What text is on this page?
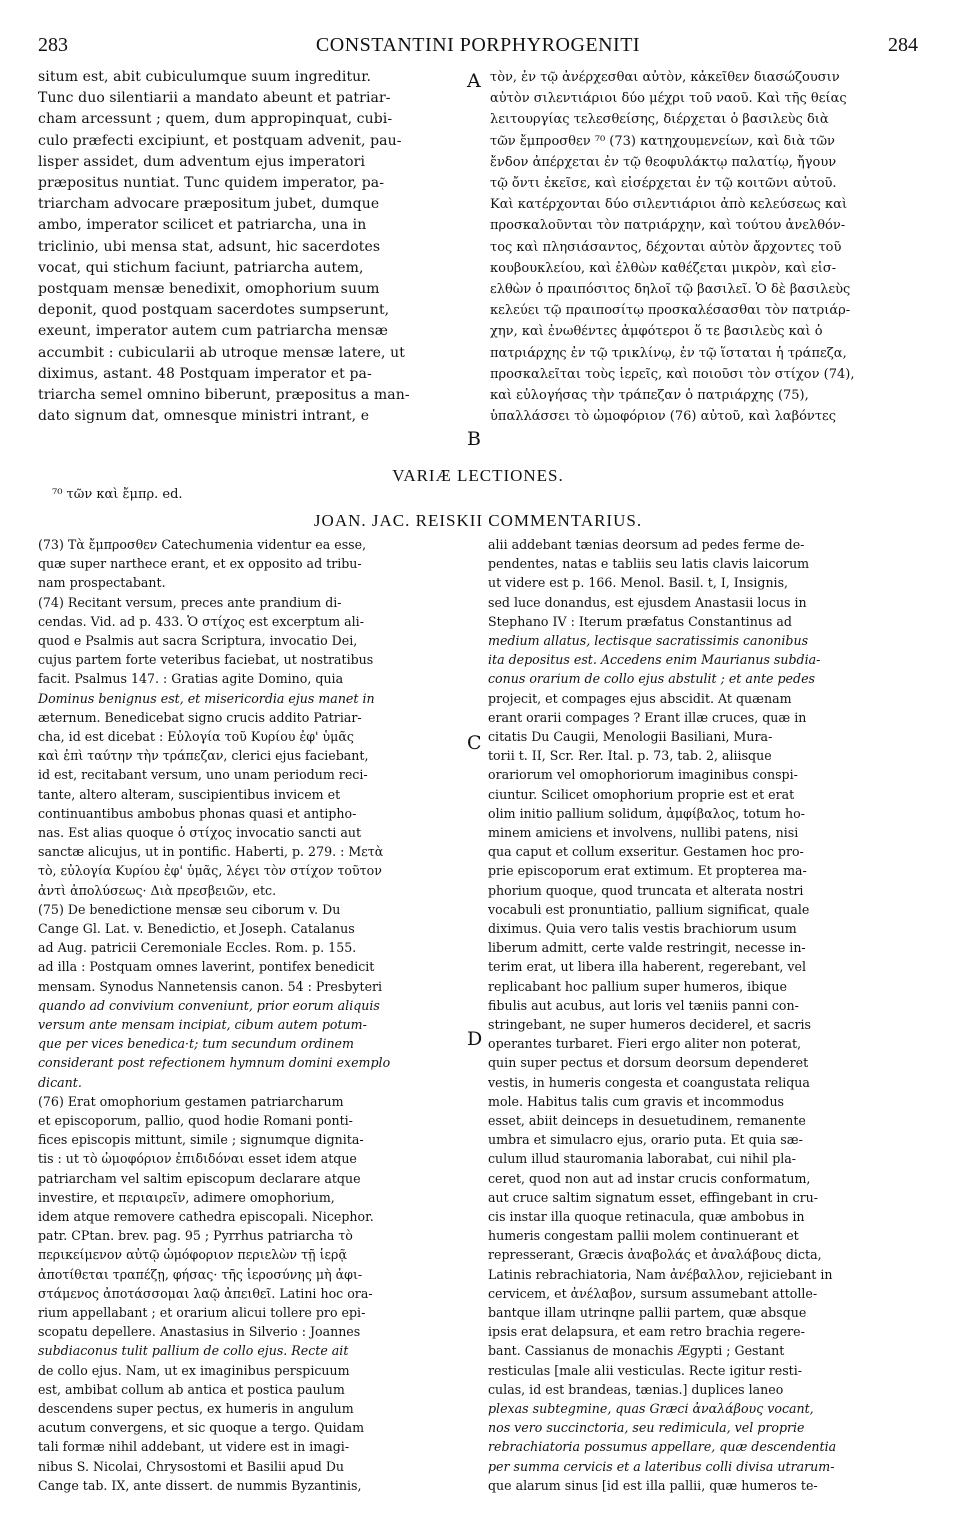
283	CONSTANTINI PORPHYROGENITI	284
situm est, abit cubiculumque suum ingreditur.
Tunc duo silentiarii a mandato abeunt et patriar-
cham arcessunt ; quem, dum appropinquat, cubi-
culo præfecti excipiunt, et postquam advenit, pau-
lisper assidet, dum adventum ejus imperatori
præpositus nuntiat. Tunc quidem imperator, pa-
triarcham advocare præpositum jubet, dumque
ambo, imperator scilicet et patriarcha, una in
triclinio, ubi mensa stat, adsunt, hic sacerdotes
vocat, qui stichum faciunt, patriarcha autem,
postquam mensæ benedixit, omophorium suum
deponit, quod postquam sacerdotes sumpserunt,
exeunt, imperator autem cum patriarcha mensæ
accumbit : cubicularii ab utroque mensæ latere, ut
diximus, astant. 48 Postquam imperator et pa-
triarcha semel omnino biberunt, præpositus a man-
dato signum dat, omnesque ministri intrant, e
τὸν, ἐν τῷ ἀνέρχεσθαι αὐτὸν, κἀκεῖθεν διασώζουσιν
αὐτὸν σιλεντιάριοι δύο μέχρι τοῦ ναοῦ. Καὶ τῆς θείας
λειτουργίας τελεσθείσης, διέρχεται ὁ βασιλεὺς διὰ
τῶν ἔμπροσθεν ⁷⁰ (73) κατηχουμενείων, καὶ διὰ τῶν
ἔνδον ἀπέρχεται ἐν τῷ θεοφυλάκτῳ παλατίῳ, ἤγουν
τῷ ὄντι ἐκεῖσε, καὶ εἰσέρχεται ἐν τῷ κοιτῶνι αὐτοῦ.
Καὶ κατέρχονται δύο σιλεντιάριοι ἀπὸ κελεύσεως καὶ
προσκαλοῦνται τὸν πατριάρχην, καὶ τούτου ἀνελθόν-
τος καὶ πλησιάσαντος, δέχονται αὐτὸν ἄρχοντες τοῦ
κουβουκλείου, καὶ ἐλθὼν καθέζεται μικρὸν, καὶ εἰσ-
ελθὼν ὁ πραιπόσιτος δηλοῖ τῷ βασιλεῖ. Ὁ δὲ βασιλεὺς
κελεύει τῷ πραιποσίτῳ προσκαλέσασθαι τὸν πατριάρ-
χην, καὶ ἐνωθέντες ἀμφότεροι ὅ τε βασιλεὺς καὶ ὁ
πατριάρχης ἐν τῷ τρικλίνῳ, ἐν τῷ ἵσταται ἡ τράπεζα,
προσκαλεῖται τοὺς ἱερεῖς, καὶ ποιοῦσι τὸν στίχον (74),
καὶ εὐλογήσας τὴν τράπεζαν ὁ πατριάρχης (75),
ὑπαλλάσσει τὸ ὠμοφόριον (76) αὐτοῦ, καὶ λαβόντες
A
B
C
D
VARIÆ LECTIONES.
⁷⁰ τῶν καὶ ἔμπρ. ed.
JOAN. JAC. REISKII COMMENTARIUS.
(73) Τὰ ἔμπροσθεν Catechumenia videntur ea esse,
quæ super narthece erant, et ex opposito ad tribu-
nam prospectabant.
(74) Recitant versum, preces ante prandium di-
cendas. Vid. ad p. 433. Ὁ στίχος est excerptum ali-
quod e Psalmis aut sacra Scriptura, invocatio Dei,
cujus partem forte veteribus faciebat, ut nostratibus
facit. Psalmus 147. : Gratias agite Domino, quia
Dominus benignus est, et misericordia ejus manet in
æternum. Benedicebat signo crucis addito Patriar-
cha, id est dicebat : Εὐλογία τοῦ Κυρίου ἐφ' ὑμᾶς
καὶ ἐπὶ ταύτην τὴν τράπεζαν, clerici ejus faciebant,
id est, recitabant versum, uno unam periodum reci-
tante, altero alteram, suscipientibus invicem et
continuantibus ambobus phonas quasi et antipho-
nas. Est alias quoque ὁ στίχος invocatio sancti aut
sanctæ alicujus, ut in pontific. Haberti, p. 279. : Μετὰ
τὸ, εὐλογία Κυρίου ἐφ' ὑμᾶς, λέγει τὸν στίχον τοῦτον
ἀντὶ ἀπολύσεως· Διὰ πρεσβειῶν, etc.
(75) De benedictione mensæ seu ciborum v. Du
Cange Gl. Lat. v. Benedictio, et Joseph. Catalanus
ad Aug. patricii Ceremoniale Eccles. Rom. p. 155.
ad illa : Postquam omnes laverint, pontifex benedicit
mensam. Synodus Nannetensis canon. 54 : Presbyteri
quando ad convivium conveniunt, prior eorum aliquis
versum ante mensam incipiat, cibum autem potum-
que per vices benedica·t; tum secundum ordinem
considerant post refectionem hymnum domini exemplo
dicant.
(76) Erat omophorium gestamen patriarcharum
et episcoporum, pallio, quod hodie Romani ponti-
fices episcopis mittunt, simile ; signumque dignita-
tis : ut τὸ ὠμοφόριον ἐπιδιδόναι esset idem atque
patriarcham vel saltim episcopum declarare atque
investire, et περιαιρεῖν, adimere omophorium,
idem atque removere cathedra episcopali. Nicephor.
patr. CPtan. brev. pag. 95 ; Pyrrhus patriarcha τὸ
περικείμενον αὐτῷ ὠμόφοριον περιελὼν τῇ ἱερᾷ
ἀποτίθεται τραπέζῃ, φήσας· τῆς ἱεροσύνης μὴ ἀφι-
στάμενος ἀποτάσσομαι λαῷ ἀπειθεῖ. Latini hoc ora-
rium appellabant ; et orarium alicui tollere pro epi-
scopatu depellere. Anastasius in Silverio : Joannes
subdiaconus tulit pallium de collo ejus. Recte ait
de collo ejus. Nam, ut ex imaginibus perspicuum
est, ambibat collum ab antica et postica paulum
descendens super pectus, ex humeris in angulum
acutum convergens, et sic quoque a tergo. Quidam
tali formæ nihil addebant, ut videre est in imagi-
nibus S. Nicolai, Chrysostomi et Basilii apud Du
Cange tab. IX, ante dissert. de nummis Byzantinis,
alii addebant tænias deorsum ad pedes ferme de-
pendentes, natas e tabliis seu latis clavis laicorum
ut videre est p. 166. Menol. Basil. t, I, Insignis,
sed luce donandus, est ejusdem Anastasii locus in
Stephano IV : Iterum præfatus Constantinus ad
medium allatus, lectisque sacratissimis canonibus
ita depositus est. Accedens enim Maurianus subdia-
conus orarium de collo ejus abstulit ; et ante pedes
projecit, et compages ejus abscidit. At quænam
erant orarii compages ? Erant illæ cruces, quæ in
citatis Du Caugii, Menologii Basiliani, Mura-
torii t. II, Scr. Rer. Ital. p. 73, tab. 2, aliisque
orariorum vel omophoriorum imaginibus conspi-
ciuntur. Scilicet omophorium proprie est et erat
olim initio pallium solidum, ἀμφίβαλος, totum ho-
minem amiciens et involvens, nullibi patens, nisi
qua caput et collum exseritur. Gestamen hoc pro-
prie episcoporum erat extimum. Et propterea ma-
phorium quoque, quod truncata et alterata nostri
vocabuli est pronuntiatio, pallium significat, quale
diximus. Quia vero talis vestis brachiorum usum
liberum admitt, certe valde restringit, necesse in-
terim erat, ut libera illa haberent, regerebant, vel
replicabant hoc pallium super humeros, ibique
fibulis aut acubus, aut loris vel tæniis panni con-
stringebant, ne super humeros deciderel, et sacris
operantes turbaret. Fieri ergo aliter non poterat,
quin super pectus et dorsum deorsum dependeret
vestis, in humeris congesta et coangustata reliqua
mole. Habitus talis cum gravis et incommodus
esset, abiit deinceps in desuetudinem, remanente
umbra et simulacro ejus, orario puta. Et quia sæ-
culum illud stauromania laborabat, cui nihil pla-
ceret, quod non aut ad instar crucis conformatum,
aut cruce saltim signatum esset, effingebant in cru-
cis instar illa quoque retinacula, quæ ambobus in
humeris congestam pallii molem continuerant et
represserant, Græcis ἀναβολάς et ἀναλάβους dicta,
Latinis rebrachiatoria, Nam ἀνέβαλλον, rejiciebant in
cervicem, et ἀνέλαβον, sursum assumebant attolle-
bantque illam utrinqne pallii partem, quæ absque
ipsis erat delapsura, et eam retro brachia regere-
bant. Cassianus de monachis Ægypti ; Gestant
resticulas [male alii vesticulas. Recte igitur resti-
culas, id est brandeas, tænias.] duplices laneo
plexas subtegmine, quas Græci ἀναλάβους vocant,
nos vero succinctoria, seu redimicula, vel proprie
rebrachiatoria possumus appellare, quæ descendentia
per summa cervicis et a lateribus colli divisa utrarum-
que alarum sinus [id est illa pallii, quæ humeros te-
